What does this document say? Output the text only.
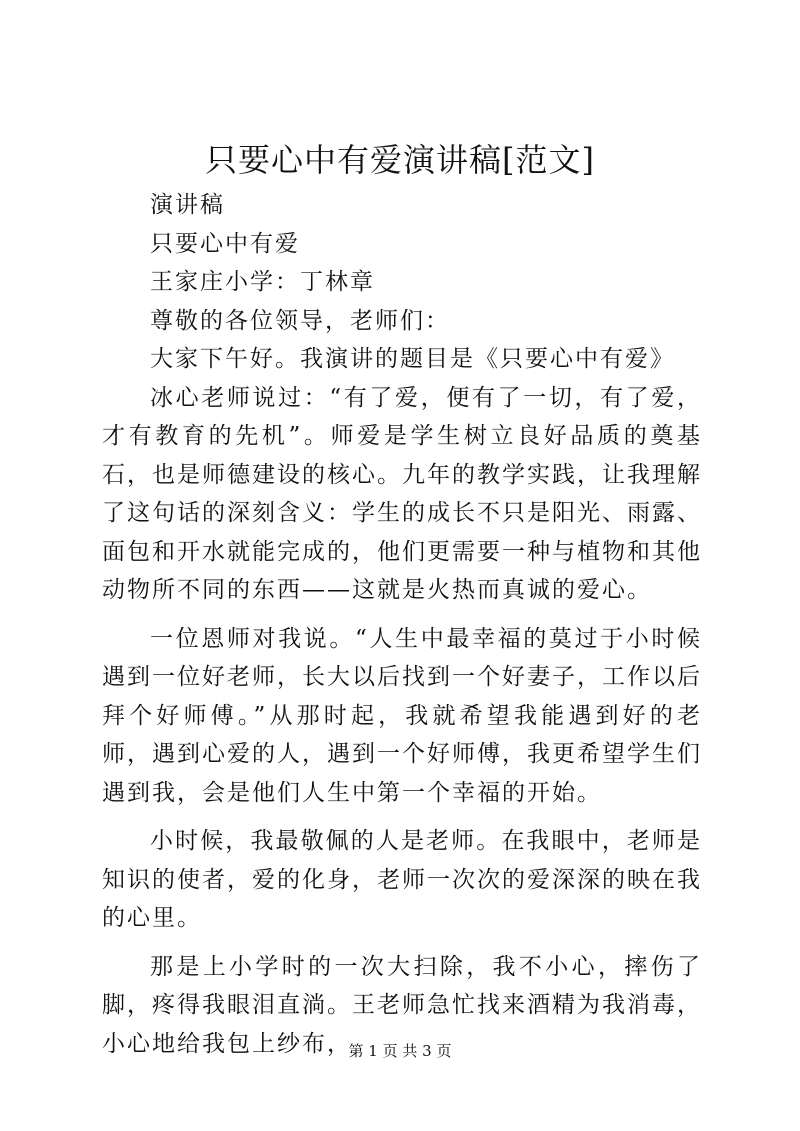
只要心中有爱演讲稿[范文]

演讲稿

只要心中有爱

王家庄小学：丁林章

尊敬的各位领导，老师们：

大家下午好。我演讲的题目是《只要心中有爱》

冰心老师说过：“有了爱，便有了一切，有了爱，才有教育的先机”。师爱是学生树立良好品质的奠基石，也是师德建设的核心。九年的教学实践，让我理解了这句话的深刻含义：学生的成长不只是阳光、雨露、面包和开水就能完成的，他们更需要一种与植物和其他动物所不同的东西——这就是火热而真诚的爱心。

一位恩师对我说。“人生中最幸福的莫过于小时候遇到一位好老师，长大以后找到一个好妻子，工作以后拜个好师傅。”从那时起，我就希望我能遇到好的老师，遇到心爱的人，遇到一个好师傅，我更希望学生们遇到我，会是他们人生中第一个幸福的开始。

小时候，我最敬佩的人是老师。在我眼中，老师是知识的使者，爱的化身，老师一次次的爱深深的映在我的心里。

那是上小学时的一次大扫除，我不小心，摔伤了脚，疼得我眼泪直淌。王老师急忙找来酒精为我消毒，小心地给我包上纱布，

第 1 页 共 3 页
